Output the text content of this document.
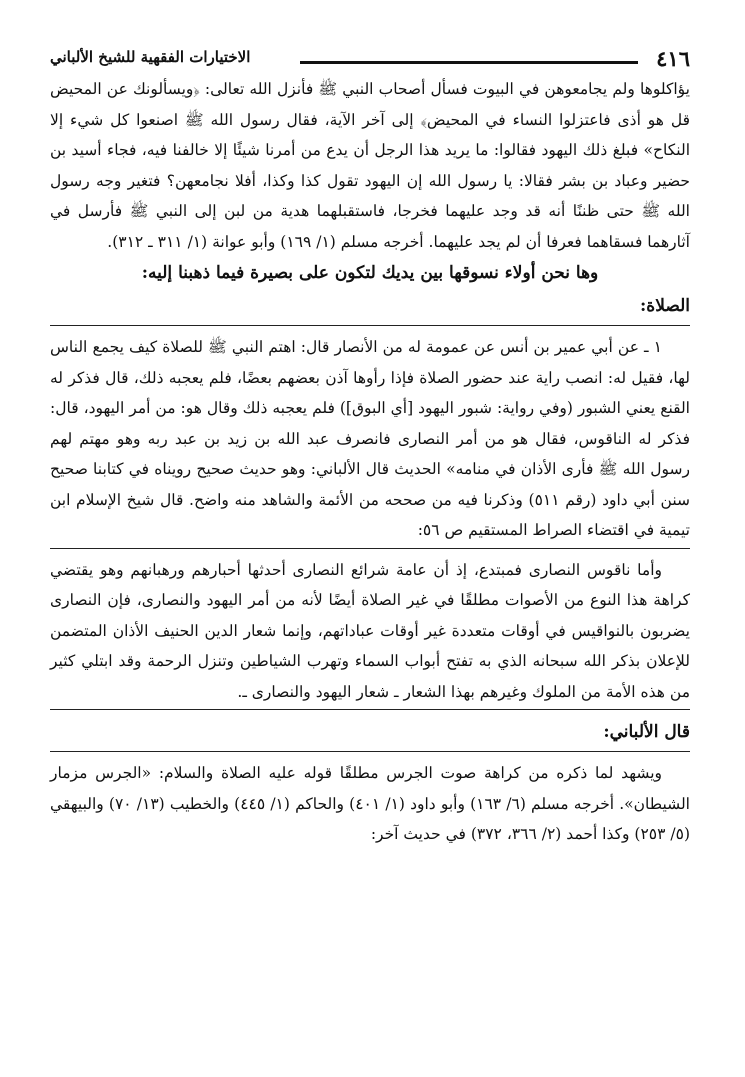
٤١٦
الاختيارات الفقهية للشيخ الألباني

يؤاكلوها ولم يجامعوهن في البيوت فسأل أصحاب النبي ﷺ فأنزل الله تعالى: ﴿ويسألونك عن المحيض قل هو أذى فاعتزلوا النساء في المحيض﴾ إلى آخر الآية، فقال رسول الله ﷺ اصنعوا كل شيء إلا النكاح» فبلغ ذلك اليهود فقالوا: ما يريد هذا الرجل أن يدع من أمرنا شيئًا إلا خالفنا فيه، فجاء أسيد بن حضير وعباد بن بشر فقالا: يا رسول الله إن اليهود تقول كذا وكذا، أفلا نجامعهن؟ فتغير وجه رسول الله ﷺ حتى ظننًا أنه قد وجد عليهما فخرجا، فاستقبلهما هدية من لبن إلى النبي ﷺ فأرسل في آثارهما فسقاهما فعرفا أن لم يجد عليهما. أخرجه مسلم (١/ ١٦٩) وأبو عوانة (١/ ٣١١ ـ ٣١٢).

وها نحن أولاء نسوقها بين يديك لتكون على بصيرة فيما ذهبنا إليه:

الصلاة:

١ ـ عن أبي عمير بن أنس عن عمومة له من الأنصار قال: اهتم النبي ﷺ للصلاة كيف يجمع الناس لها، فقيل له: انصب راية عند حضور الصلاة فإذا رأوها آذن بعضهم بعضًا، فلم يعجبه ذلك، قال فذكر له القنع يعني الشبور (وفي رواية: شبور اليهود [أي البوق]) فلم يعجبه ذلك وقال هو: من أمر اليهود، قال: فذكر له الناقوس، فقال هو من أمر النصارى فانصرف عبد الله بن زيد بن عبد ربه وهو مهتم لهم رسول الله ﷺ فأرى الأذان في منامه» الحديث قال الألباني: وهو حديث صحيح رويناه في كتابنا صحيح سنن أبي داود (رقم ٥١١) وذكرنا فيه من صححه من الأئمة والشاهد منه واضح. قال شيخ الإسلام ابن تيمية في اقتضاء الصراط المستقيم ص ٥٦:

وأما ناقوس النصارى فمبتدع، إذ أن عامة شرائع النصارى أحدثها أحبارهم ورهبانهم وهو يقتضي كراهة هذا النوع من الأصوات مطلقًا في غير الصلاة أيضًا لأنه من أمر اليهود والنصارى، فإن النصارى يضربون بالنواقيس في أوقات متعددة غير أوقات عباداتهم، وإنما شعار الدين الحنيف الأذان المتضمن للإعلان بذكر الله سبحانه الذي به تفتح أبواب السماء وتهرب الشياطين وتنزل الرحمة وقد ابتلي كثير من هذه الأمة من الملوك وغيرهم بهذا الشعار ـ شعار اليهود والنصارى ـ.

قال الألباني:

ويشهد لما ذكره من كراهة صوت الجرس مطلقًا قوله عليه الصلاة والسلام: «الجرس مزمار الشيطان». أخرجه مسلم (٦/ ١٦٣) وأبو داود (١/ ٤٠١) والحاكم (١/ ٤٤٥) والخطيب (١٣/ ٧٠) والبيهقي (٥/ ٢٥٣) وكذا أحمد (٢/ ٣٦٦، ٣٧٢) في حديث آخر:
